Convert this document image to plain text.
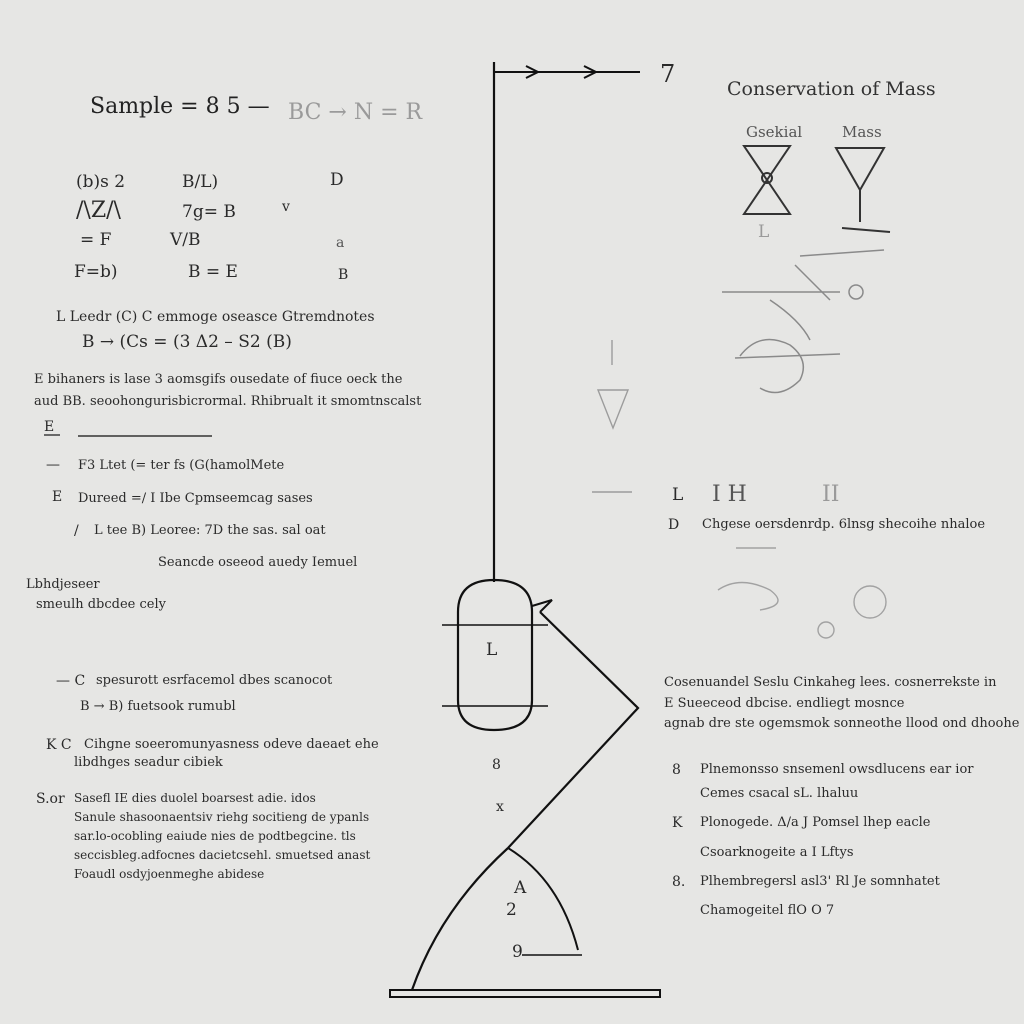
Conservation of Mass
Sample = 8 5 — BC → N = R
7
Gsekial	Mass
L
L I H	II
D Chgese oersdenrdp. 6lnsg shecoihe nhaloe
(b)s 2	B/L)	D
/\Z/\	7g= B	v
= F	V/B	a
F=b)	B = E	B
L Leedr (C) C emmoge oseasce Gtremdnotes
B → (Cs = (3 Δ2 – S2 (B)
E bihaners is lase 3 aomsgifs ousedate of fiuce oeck the
aud BB. seoohongurisbicrormal. Rhibrualt it smomtnscalst
E
— F3 Ltet (= ter fs (G(hamolMete
E Dureed =/ I Ibe Cpmseemcag sases
/ L tee B) Leoree: 7D the sas. sal oat
Seancde oseeod auedy Iemuel
Lbhdjeseer
smeulh dbcdee cely
— C spesurott esrfacemol dbes scanocot
B → B) fuetsook rumubl
K C Cihgne soeeromunyasness odeve daeaet ehe
libdhges seadur cibiek
S.or Sasefl IE dies duolel boarsest adie. idos
Sanule shasoonaentsiv riehg socitieng de ypanls
sar.lo-ocobling eaiude nies de podtbegcine. tls
seccisbleg.adfocnes dacietcsehl. smuetsed anast
Foaudl osdyjoenmeghe abidese
Cosenuandel Seslu Cinkaheg lees. cosnerrekste in
E Sueeceod dbcise. endliegt mosnce
agnab dre ste ogemsmok sonneothe llood ond dhoohe
8 Plnemonsso snsemenl owsdlucens ear ior
Cemes csacal sL. lhaluu
K Plonogede. Δ/a J Pomsel lhep eacle
Csoarknogeite a I Lftys
8. Plhembregersl asl3' Rl Je somnhatet
Chamogeitel flO O 7
L
8
x
A
2
9
